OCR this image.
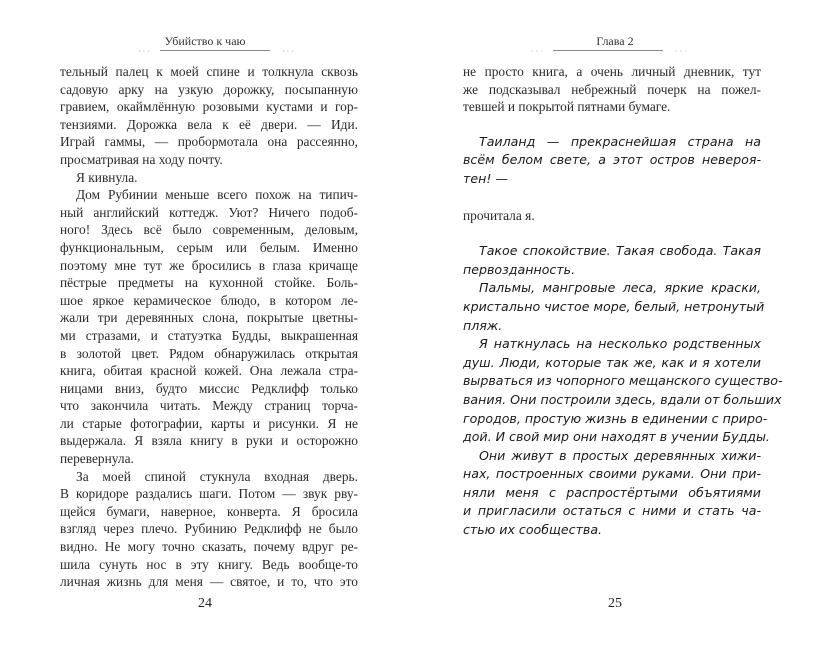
Убийство к чаю
···	···
тельный палец к моей спине и толкнула сквозь
садовую арку на узкую дорожку, посыпанную
гравием, окаймлённую розовыми кустами и гор-
тензиями. Дорожка вела к её двери. — Иди.
Играй гаммы, — пробормотала она рассеянно,
просматривая на ходу почту.
Я кивнула.
Дом Рубинии меньше всего похож на типич-
ный английский коттедж. Уют? Ничего подоб-
ного! Здесь всё было современным, деловым,
функциональным, серым или белым. Именно
поэтому мне тут же бросились в глаза кричаще
пёстрые предметы на кухонной стойке. Боль-
шое яркое керамическое блюдо, в котором ле-
жали три деревянных слона, покрытые цветны-
ми стразами, и статуэтка Будды, выкрашенная
в золотой цвет. Рядом обнаружилась открытая
книга, обитая красной кожей. Она лежала стра-
ницами вниз, будто миссис Редклифф только
что закончила читать. Между страниц торча-
ли старые фотографии, карты и рисунки. Я не
выдержала. Я взяла книгу в руки и осторожно
перевернула.
За моей спиной стукнула входная дверь.
В коридоре раздались шаги. Потом — звук рву-
щейся бумаги, наверное, конверта. Я бросила
взгляд через плечо. Рубинию Редклифф не было
видно. Не могу точно сказать, почему вдруг ре-
шила сунуть нос в эту книгу. Ведь вообще-то
личная жизнь для меня — святое, и то, что это
24
Глава 2
···	···
не просто книга, а очень личный дневник, тут
же подсказывал небрежный почерк на пожел-
тевшей и покрытой пятнами бумаге.
Таиланд — прекраснейшая страна на
всём белом свете, а этот остров невероя-
тен! —
прочитала я.
Такое спокойствие. Такая свобода. Такая
первозданность.
Пальмы, мангровые леса, яркие краски,
кристально чистое море, белый, нетронутый
пляж.
Я наткнулась на несколько родственных
душ. Люди, которые так же, как и я хотели
вырваться из чопорного мещанского существо-
вания. Они построили здесь, вдали от больших
городов, простую жизнь в единении с приро-
дой. И свой мир они находят в учении Будды.
Они живут в простых деревянных хижи-
нах, построенных своими руками. Они при-
няли меня с распростёртыми объятиями
и пригласили остаться с ними и стать ча-
стью их сообщества.
25
